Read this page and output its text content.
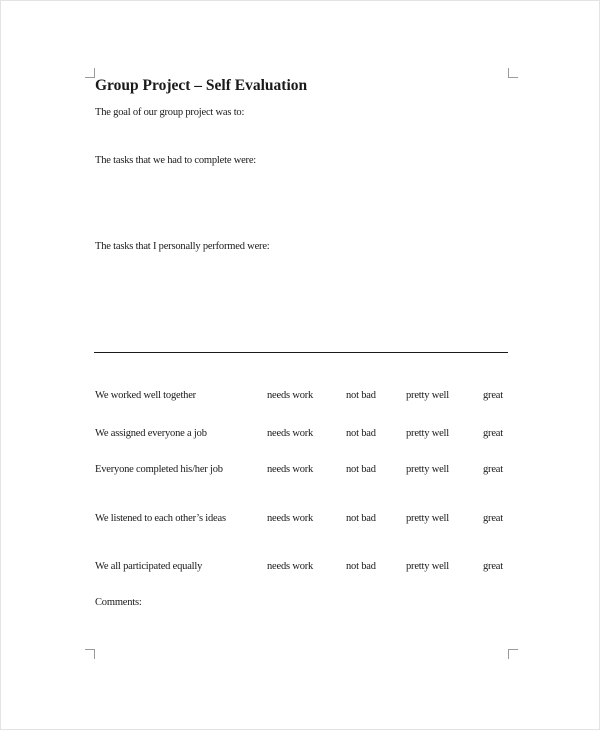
Group Project – Self Evaluation
The goal of our group project was to:
The tasks that we had to complete were:
The tasks that I personally performed were:
We worked well together	needs work	not bad	pretty well	great
We assigned everyone a job	needs work	not bad	pretty well	great
Everyone completed his/her job	needs work	not bad	pretty well	great
We listened to each other’s ideas	needs work	not bad	pretty well	great
We all participated equally	needs work	not bad	pretty well	great
Comments:
